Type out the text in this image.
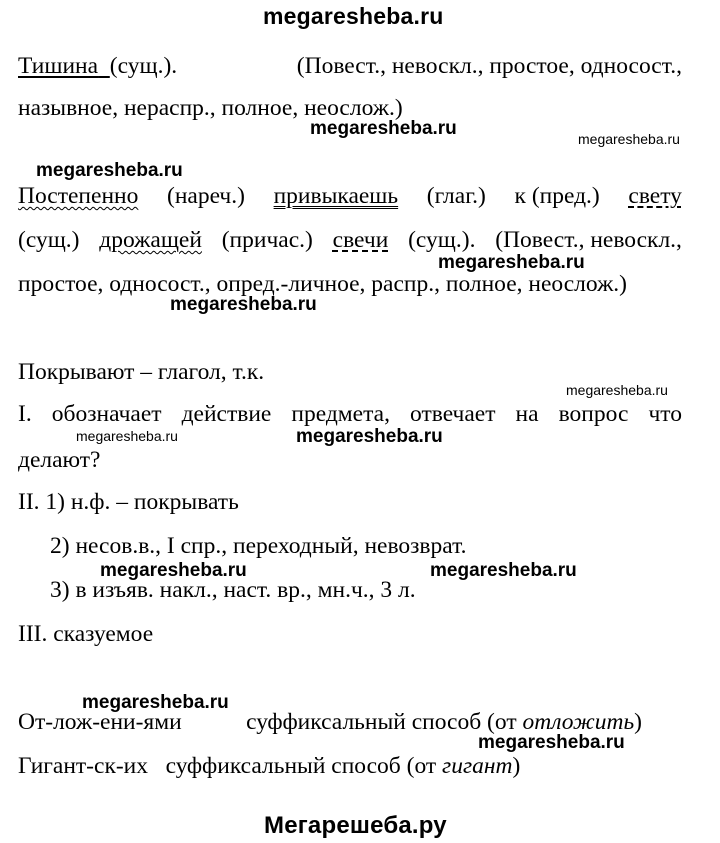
megaresheba.ru
Тишина (сущ.).	(Повест., невоскл., простое, односост.,
назывное, нераспр., полное, неослож.)
megaresheba.ru	megaresheba.ru
megaresheba.ru
Постепенно (нареч.) привыкаешь (глаг.) к (пред.) свету
(сущ.) дрожащей (причас.) свечи (сущ.). (Повест., невоскл.,
megaresheba.ru
простое, односост., опред.-личное, распр., полное, неослож.)
megaresheba.ru
Покрывают – глагол, т.к.
megaresheba.ru
I. обозначает действие предмета, отвечает на вопрос что
megaresheba.ru	megaresheba.ru
делают?
II. 1) н.ф. – покрывать
2) несов.в., I спр., переходный, невозврат.
megaresheba.ru	megaresheba.ru
3) в изъяв. накл., наст. вр., мн.ч., 3 л.
III. сказуемое
megaresheba.ru
От-лож-ени-ями	суффиксальный способ (от отложить)
megaresheba.ru
Гигант-ск-их суффиксальный способ (от гигант)
Мегарешеба.ру
